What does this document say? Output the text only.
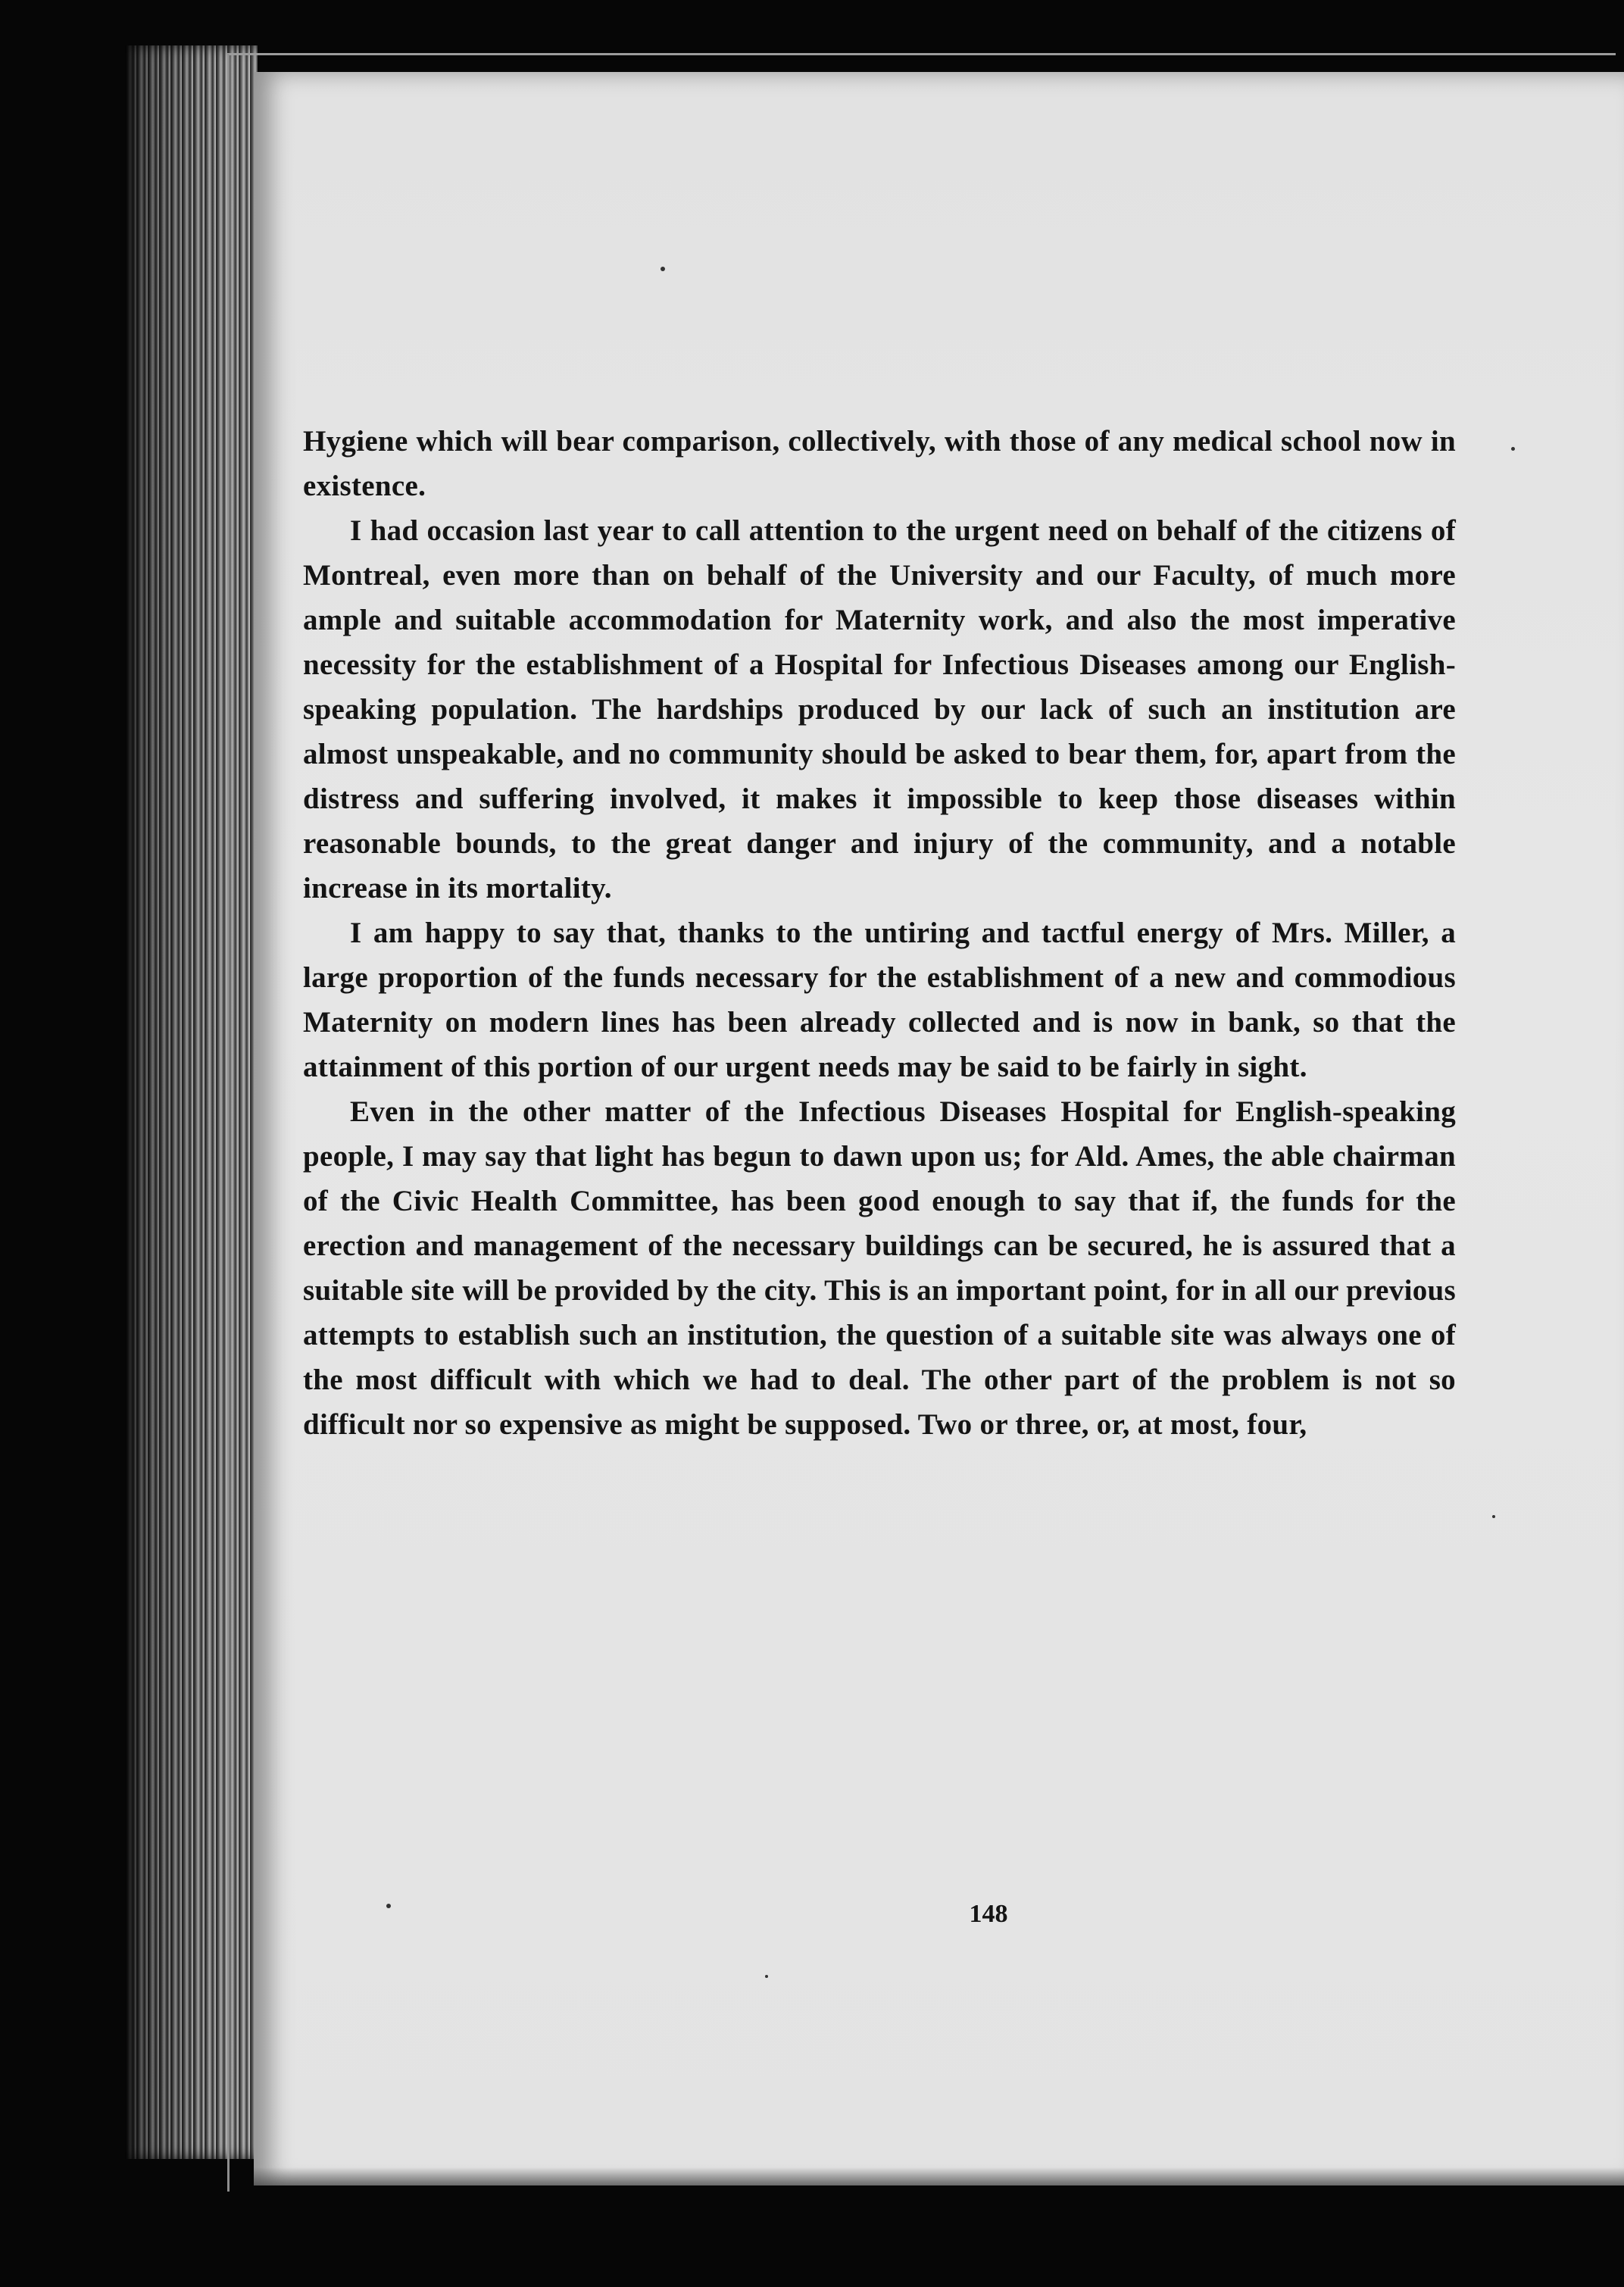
Hygiene which will bear comparison, collectively, with those of any medical school now in existence.

I had occasion last year to call attention to the urgent need on behalf of the citizens of Montreal, even more than on behalf of the University and our Faculty, of much more ample and suitable accommodation for Maternity work, and also the most imperative necessity for the establishment of a Hospital for Infectious Diseases among our English-speaking population. The hardships produced by our lack of such an institution are almost unspeakable, and no community should be asked to bear them, for, apart from the distress and suffering involved, it makes it impossible to keep those diseases within reasonable bounds, to the great danger and injury of the community, and a notable increase in its mortality.

I am happy to say that, thanks to the untiring and tactful energy of Mrs. Miller, a large proportion of the funds necessary for the establishment of a new and commodious Maternity on modern lines has been already collected and is now in bank, so that the attainment of this portion of our urgent needs may be said to be fairly in sight.

Even in the other matter of the Infectious Diseases Hospital for English-speaking people, I may say that light has begun to dawn upon us; for Ald. Ames, the able chairman of the Civic Health Committee, has been good enough to say that if, the funds for the erection and management of the necessary buildings can be secured, he is assured that a suitable site will be provided by the city. This is an important point, for in all our previous attempts to establish such an institution, the question of a suitable site was always one of the most difficult with which we had to deal. The other part of the problem is not so difficult nor so expensive as might be supposed. Two or three, or, at most, four,

148
